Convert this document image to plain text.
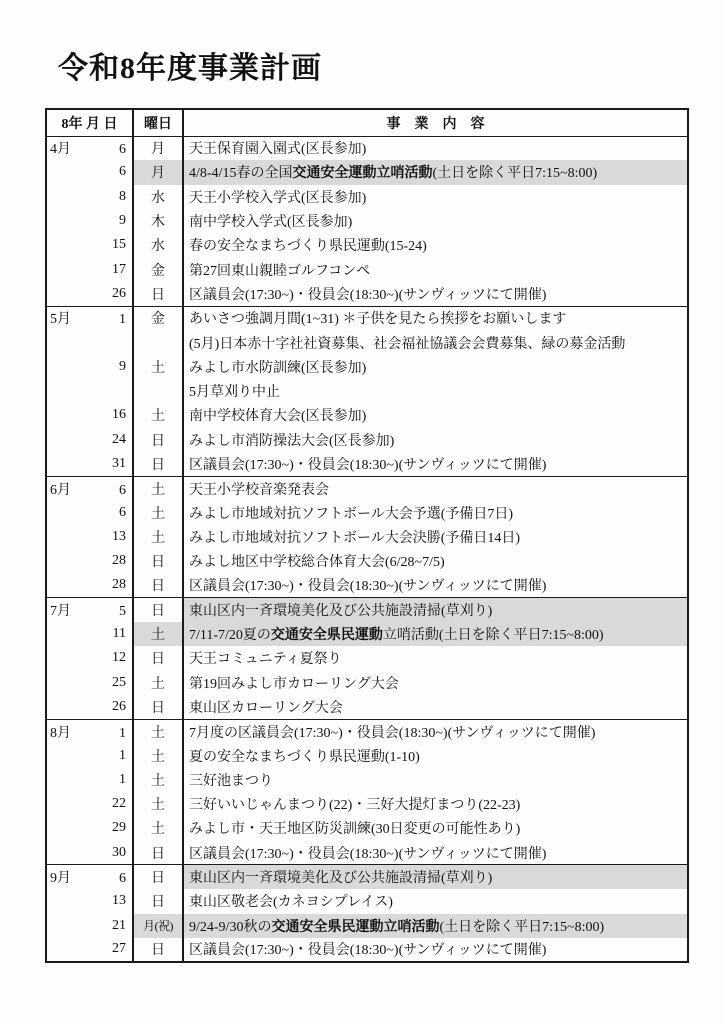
令和8年度事業計画
8年 月 日	曜日	事　業　内　容

4月 6	月	天王保育園入園式(区長参加)

6	月	4/8-4/15春の全国交通安全運動立哨活動(土日を除く平日7:15~8:00)

8	水	天王小学校入学式(区長参加)

9	木	南中学校入学式(区長参加)

15	水	春の安全なまちづくり県民運動(15-24)

17	金	第27回東山親睦ゴルフコンペ

26	日	区議員会(17:30~)・役員会(18:30~)(サンヴィッツにて開催)

5月 1	金	あいさつ強調月間(1~31) ＊子供を見たら挨拶をお願いします

		(5月)日本赤十字社社資募集、社会福祉協議会会費募集、緑の募金活動

9	土	みよし市水防訓練(区長参加)

		5月草刈り中止

16	土	南中学校体育大会(区長参加)

24	日	みよし市消防操法大会(区長参加)

31	日	区議員会(17:30~)・役員会(18:30~)(サンヴィッツにて開催)

6月 6	土	天王小学校音楽発表会

6	土	みよし市地域対抗ソフトボール大会予選(予備日7日)

13	土	みよし市地域対抗ソフトボール大会決勝(予備日14日)

28	日	みよし地区中学校総合体育大会(6/28~7/5)

28	日	区議員会(17:30~)・役員会(18:30~)(サンヴィッツにて開催)

7月 5	日	東山区内一斉環境美化及び公共施設清掃(草刈り)

11	土	7/11-7/20夏の交通安全県民運動立哨活動(土日を除く平日7:15~8:00)

12	日	天王コミュニティ夏祭り

25	土	第19回みよし市カローリング大会

26	日	東山区カローリング大会

8月 1	土	7月度の区議員会(17:30~)・役員会(18:30~)(サンヴィッツにて開催)

1	土	夏の安全なまちづくり県民運動(1-10)

1	土	三好池まつり

22	土	三好いいじゃんまつり(22)・三好大提灯まつり(22-23)

29	土	みよし市・天王地区防災訓練(30日変更の可能性あり)

30	日	区議員会(17:30~)・役員会(18:30~)(サンヴィッツにて開催)

9月 6	日	東山区内一斉環境美化及び公共施設清掃(草刈り)

13	日	東山区敬老会(カネヨシプレイス)

21	月(祝)	9/24-9/30秋の交通安全県民運動立哨活動(土日を除く平日7:15~8:00)

27	日	区議員会(17:30~)・役員会(18:30~)(サンヴィッツにて開催)
